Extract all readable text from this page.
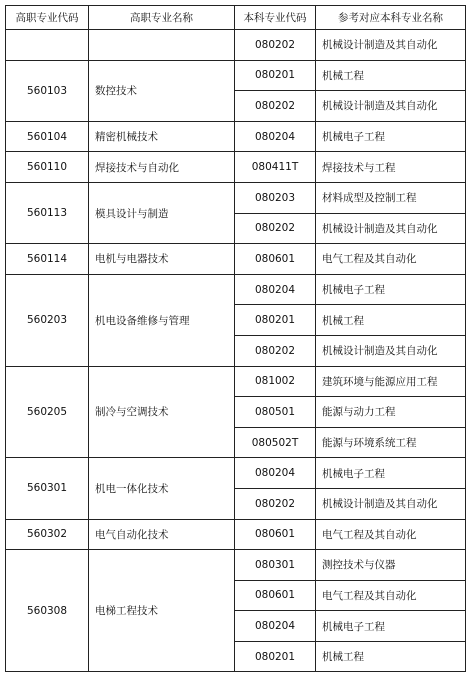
高职专业代码	高职专业名称	本科专业代码	参考对应本科专业名称
		080202	机械设计制造及其自动化
560103	数控技术	080201	机械工程
		080202	机械设计制造及其自动化
560104	精密机械技术	080204	机械电子工程
560110	焊接技术与自动化	080411T	焊接技术与工程
560113	模具设计与制造	080203	材料成型及控制工程
		080202	机械设计制造及其自动化
560114	电机与电器技术	080601	电气工程及其自动化
560203	机电设备维修与管理	080204	机械电子工程
		080201	机械工程
		080202	机械设计制造及其自动化
560205	制冷与空调技术	081002	建筑环境与能源应用工程
		080501	能源与动力工程
		080502T	能源与环境系统工程
560301	机电一体化技术	080204	机械电子工程
		080202	机械设计制造及其自动化
560302	电气自动化技术	080601	电气工程及其自动化
560308	电梯工程技术	080301	测控技术与仪器
		080601	电气工程及其自动化
		080204	机械电子工程
		080201	机械工程
